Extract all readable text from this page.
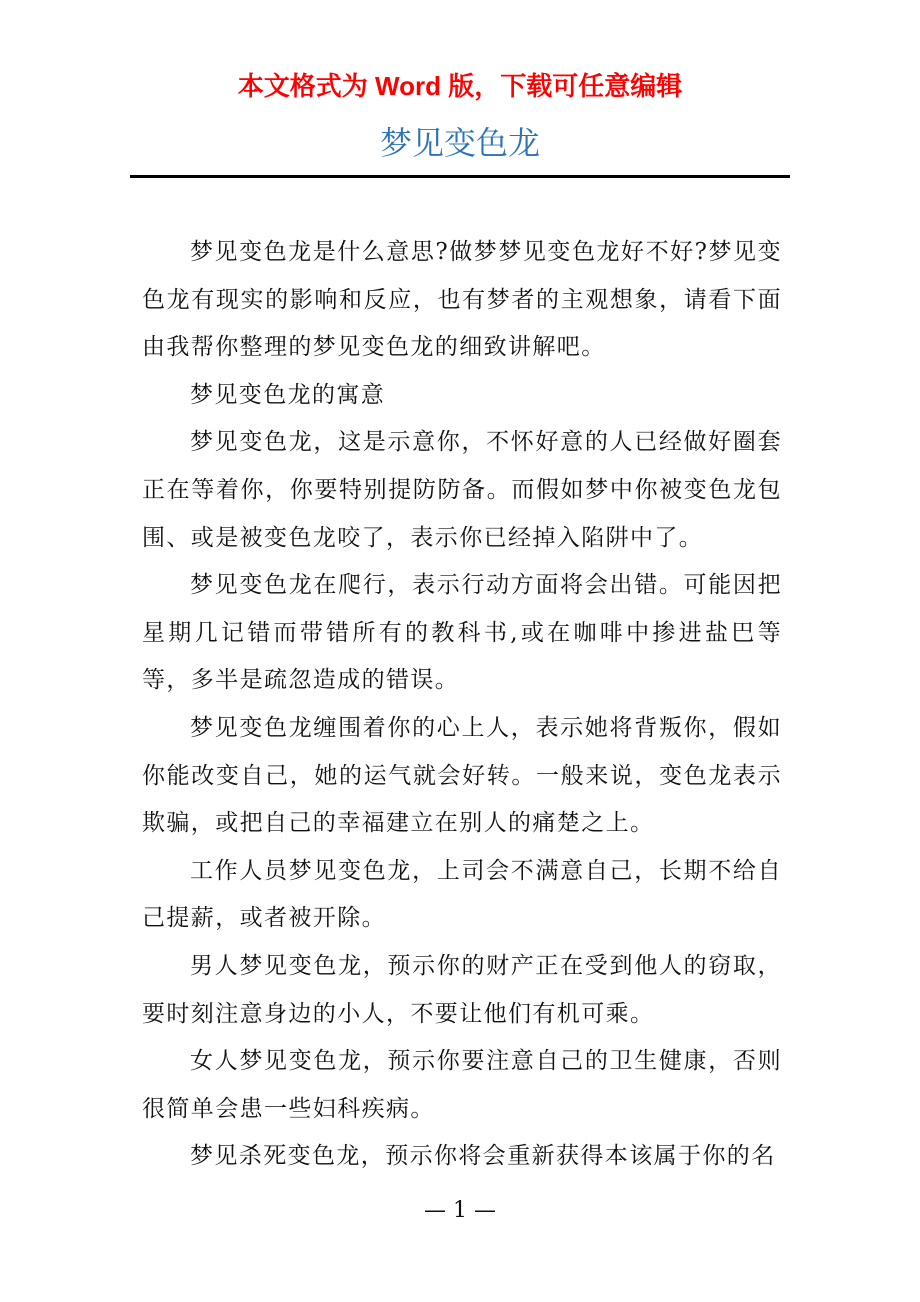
本文格式为 Word 版，下载可任意编辑
梦见变色龙

梦见变色龙是什么意思?做梦梦见变色龙好不好?梦见变色龙有现实的影响和反应，也有梦者的主观想象，请看下面由我帮你整理的梦见变色龙的细致讲解吧。

梦见变色龙的寓意

梦见变色龙，这是示意你，不怀好意的人已经做好圈套正在等着你，你要特别提防防备。而假如梦中你被变色龙包围、或是被变色龙咬了，表示你已经掉入陷阱中了。

梦见变色龙在爬行，表示行动方面将会出错。可能因把星期几记错而带错所有的教科书,或在咖啡中掺进盐巴等等，多半是疏忽造成的错误。

梦见变色龙缠围着你的心上人，表示她将背叛你，假如你能改变自己，她的运气就会好转。一般来说，变色龙表示欺骗，或把自己的幸福建立在别人的痛楚之上。

工作人员梦见变色龙，上司会不满意自己，长期不给自己提薪，或者被开除。

男人梦见变色龙，预示你的财产正在受到他人的窃取，要时刻注意身边的小人，不要让他们有机可乘。

女人梦见变色龙，预示你要注意自己的卫生健康，否则很简单会患一些妇科疾病。

梦见杀死变色龙，预示你将会重新获得本该属于你的名

— 1 —
